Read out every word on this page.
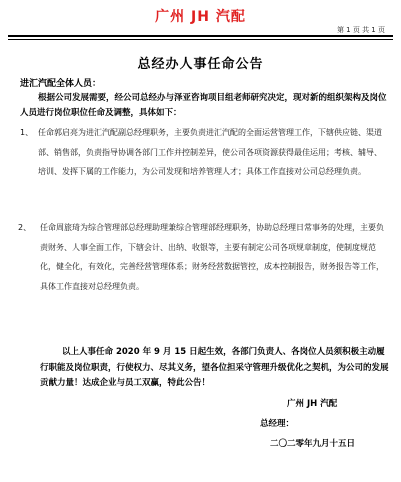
广州 JH 汽配
第 1 页 共 1 页
总经办人事任命公告
进汇汽配全体人员：
根据公司发展需要，经公司总经办与泽亚咨询项目组老师研究决定，现对新的组织架构及岗位人员进行岗位职位任命及调整，具体如下：
1、 任命郭启亮为进汇汽配副总经理职务，主要负责进汇汽配的全面运营管理工作，下辖供应链、渠道部、销售部，负责指导协调各部门工作并控制差异，使公司各项资源获得最佳运用；考核、辅导、培训、发挥下属的工作能力，为公司发现和培养管理人才；具体工作直接对公司总经理负责。
2、 任命周旅琦为综合管理部总经理助理兼综合管理部经理职务，协助总经理日常事务的处理，主要负责财务、人事全面工作，下辖会计、出纳、收银等，主要有制定公司各项规章制度，使制度规范化，健全化，有效化，完善经营管理体系；财务经营数据管控，成本控制报告，财务报告等工作，具体工作直接对总经理负责。
以上人事任命 2020 年 9 月 15 日起生效，各部门负责人、各岗位人员须积极主动履行职能及岗位职责，行使权力、尽其义务，望各位担采守管理升级优化之契机，为公司的发展贡献力量！达成企业与员工双赢，特此公告！
广州 JH 汽配
总经理：
二〇二零年九月十五日
